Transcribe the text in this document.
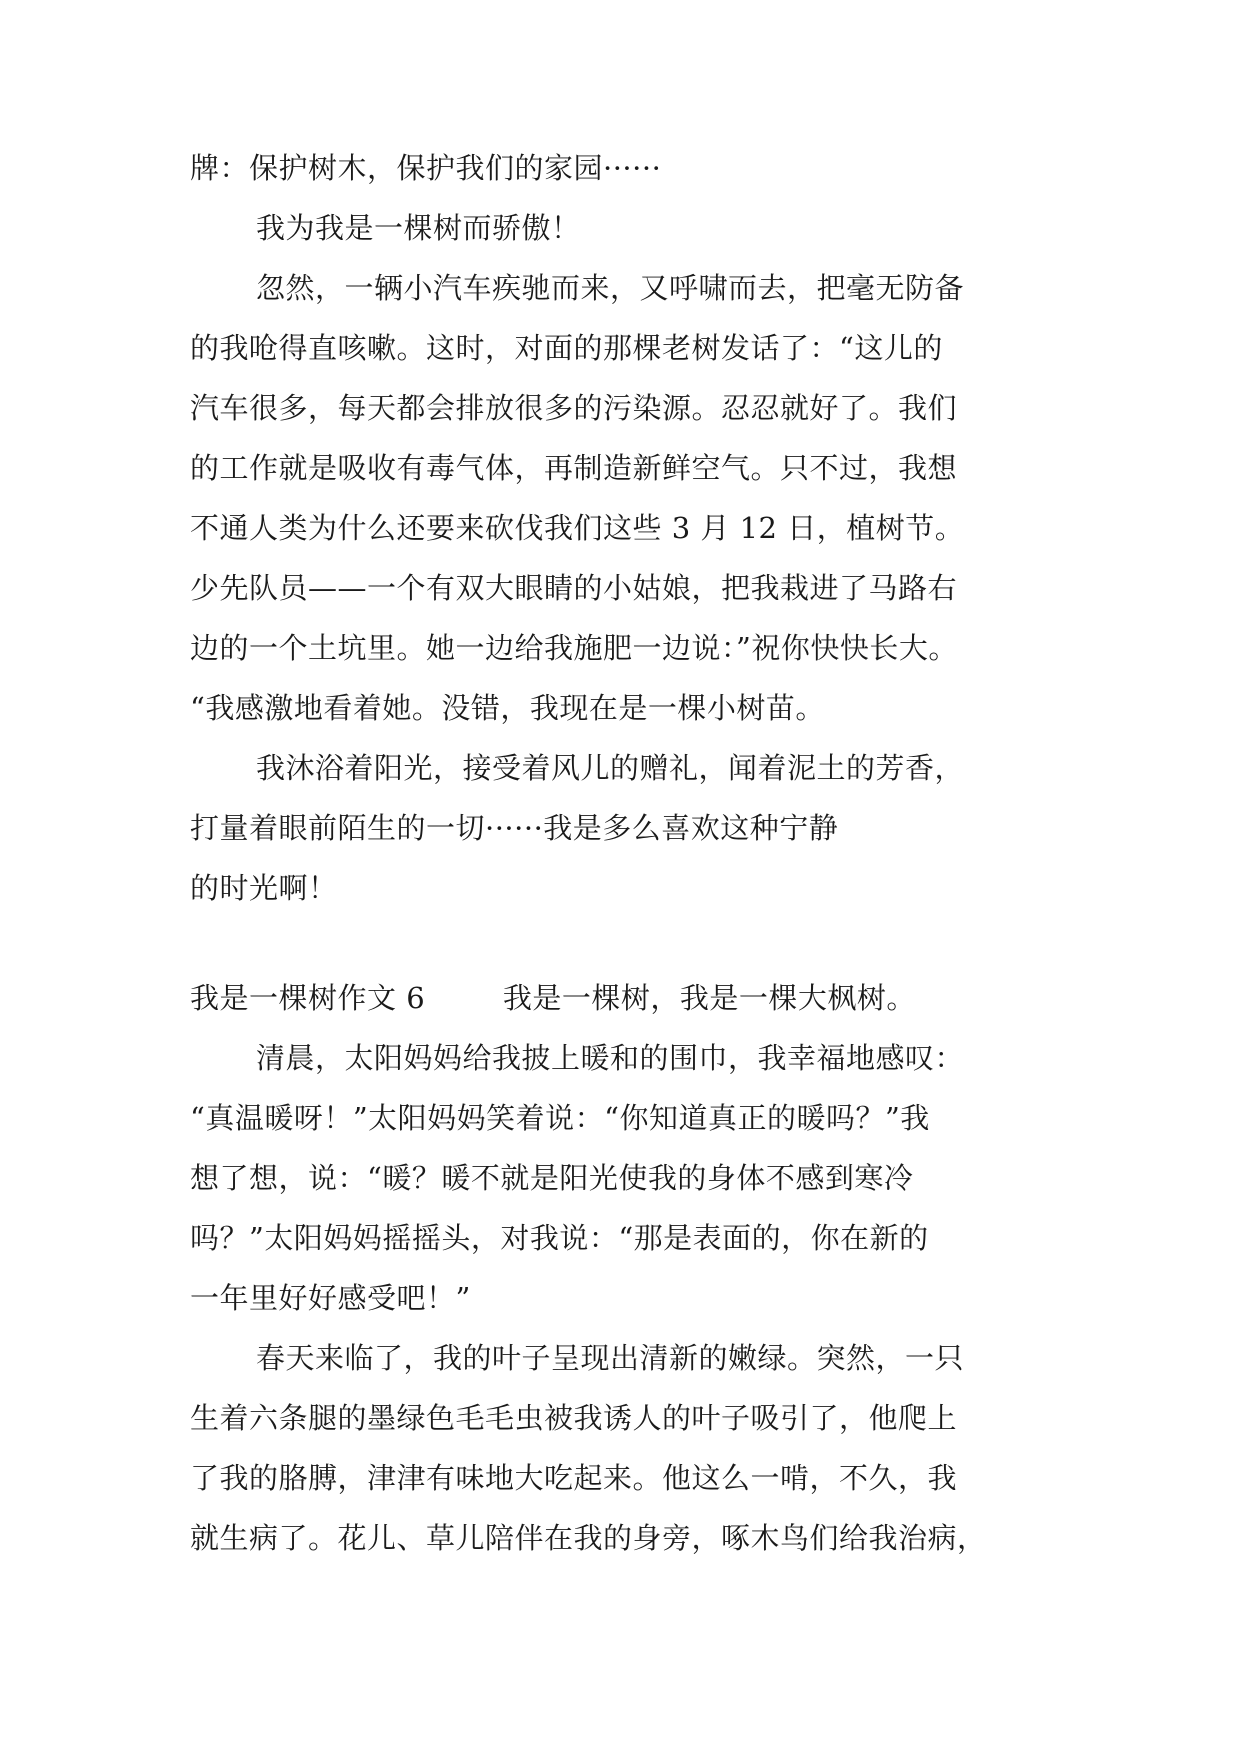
牌：保护树木，保护我们的家园······
我为我是一棵树而骄傲！
忽然，一辆小汽车疾驰而来，又呼啸而去，把毫无防备
的我呛得直咳嗽。这时，对面的那棵老树发话了：“这儿的
汽车很多，每天都会排放很多的污染源。忍忍就好了。我们
的工作就是吸收有毒气体，再制造新鲜空气。只不过，我想
不通人类为什么还要来砍伐我们这些 3 月 12 日，植树节。
少先队员——一个有双大眼睛的小姑娘，把我栽进了马路右
边的一个土坑里。她一边给我施肥一边说：”祝你快快长大。
“我感激地看着她。没错，我现在是一棵小树苗。
我沐浴着阳光，接受着风儿的赠礼，闻着泥土的芳香，
打量着眼前陌生的一切······我是多么喜欢这种宁静
的时光啊！
我是一棵树作文 6        我是一棵树，我是一棵大枫树。
清晨，太阳妈妈给我披上暖和的围巾，我幸福地感叹：
“真温暖呀！”太阳妈妈笑着说：“你知道真正的暖吗？”我
想了想，说：“暖？暖不就是阳光使我的身体不感到寒冷
吗？”太阳妈妈摇摇头，对我说：“那是表面的，你在新的
一年里好好感受吧！”
春天来临了，我的叶子呈现出清新的嫩绿。突然，一只
生着六条腿的墨绿色毛毛虫被我诱人的叶子吸引了，他爬上
了我的胳膊，津津有味地大吃起来。他这么一啃，不久，我
就生病了。花儿、草儿陪伴在我的身旁，啄木鸟们给我治病，
